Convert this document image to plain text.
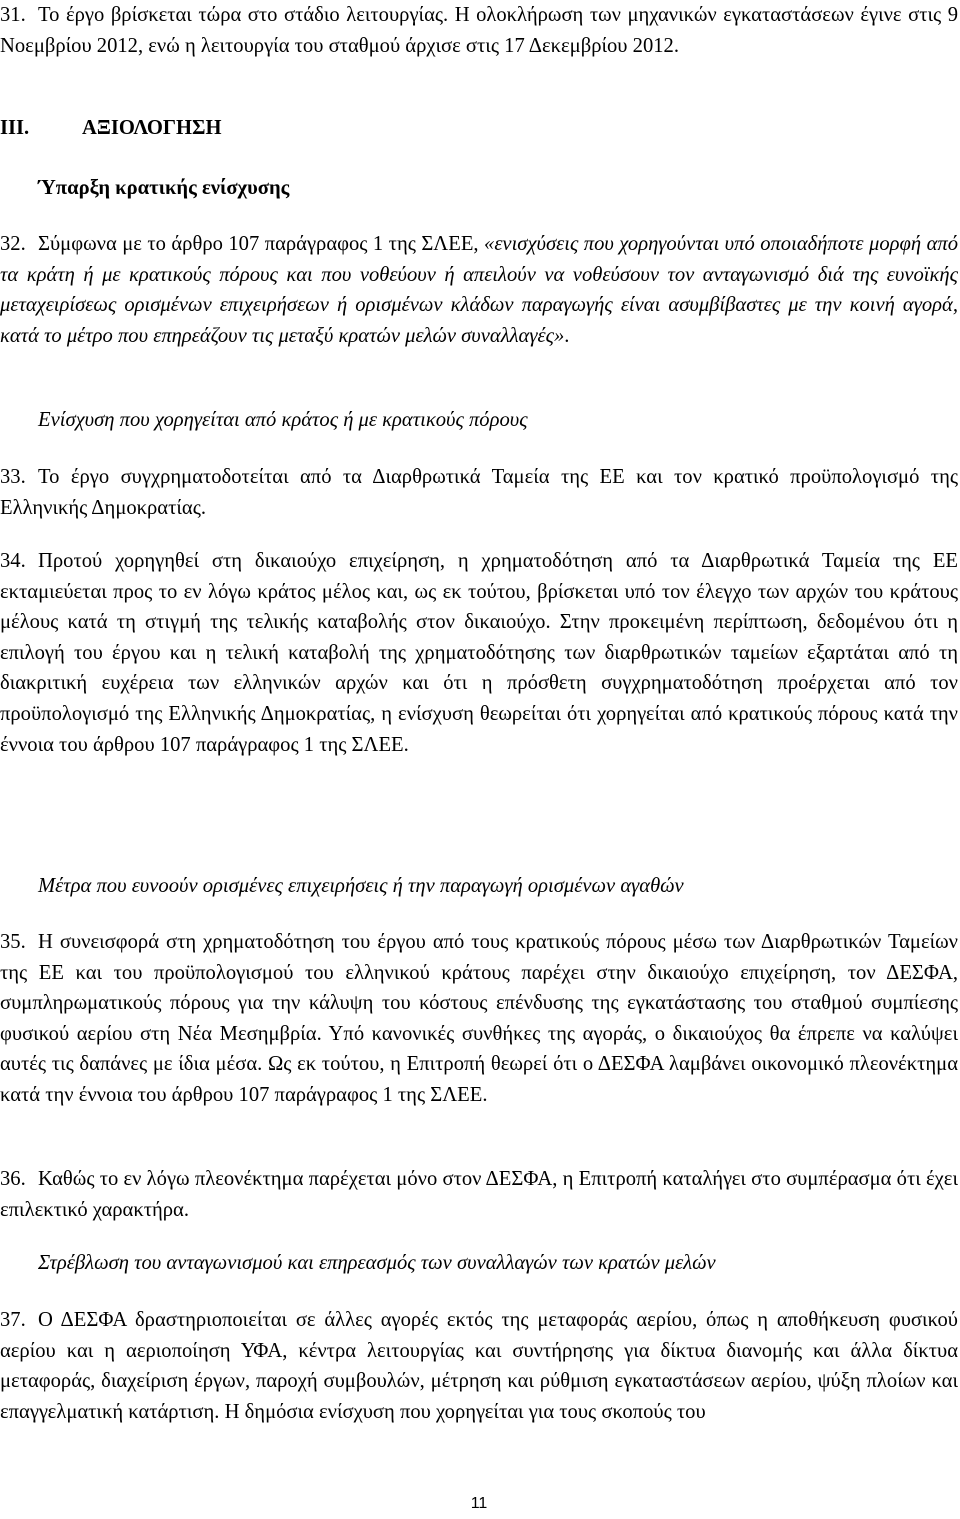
31. Το έργο βρίσκεται τώρα στο στάδιο λειτουργίας. Η ολοκλήρωση των μηχανικών εγκαταστάσεων έγινε στις 9 Νοεμβρίου 2012, ενώ η λειτουργία του σταθμού άρχισε στις 17 Δεκεμβρίου 2012.
III.	ΑΞΙΟΛΟΓΗΣΗ
Ύπαρξη κρατικής ενίσχυσης
32. Σύμφωνα με το άρθρο 107 παράγραφος 1 της ΣΛΕΕ, «ενισχύσεις που χορηγούνται υπό οποιαδήποτε μορφή από τα κράτη ή με κρατικούς πόρους και που νοθεύουν ή απειλούν να νοθεύσουν τον ανταγωνισμό διά της ευνοϊκής μεταχειρίσεως ορισμένων επιχειρήσεων ή ορισμένων κλάδων παραγωγής είναι ασυμβίβαστες με την κοινή αγορά, κατά το μέτρο που επηρεάζουν τις μεταξύ κρατών μελών συναλλαγές».
Ενίσχυση που χορηγείται από κράτος ή με κρατικούς πόρους
33. Το έργο συγχρηματοδοτείται από τα Διαρθρωτικά Ταμεία της ΕΕ και τον κρατικό προϋπολογισμό της Ελληνικής Δημοκρατίας.
34. Προτού χορηγηθεί στη δικαιούχο επιχείρηση, η χρηματοδότηση από τα Διαρθρωτικά Ταμεία της ΕΕ εκταμιεύεται προς το εν λόγω κράτος μέλος και, ως εκ τούτου, βρίσκεται υπό τον έλεγχο των αρχών του κράτους μέλους κατά τη στιγμή της τελικής καταβολής στον δικαιούχο. Στην προκειμένη περίπτωση, δεδομένου ότι η επιλογή του έργου και η τελική καταβολή της χρηματοδότησης των διαρθρωτικών ταμείων εξαρτάται από τη διακριτική ευχέρεια των ελληνικών αρχών και ότι η πρόσθετη συγχρηματοδότηση προέρχεται από τον προϋπολογισμό της Ελληνικής Δημοκρατίας, η ενίσχυση θεωρείται ότι χορηγείται από κρατικούς πόρους κατά την έννοια του άρθρου 107 παράγραφος 1 της ΣΛΕΕ.
Μέτρα που ευνοούν ορισμένες επιχειρήσεις ή την παραγωγή ορισμένων αγαθών
35. Η συνεισφορά στη χρηματοδότηση του έργου από τους κρατικούς πόρους μέσω των Διαρθρωτικών Ταμείων της ΕΕ και του προϋπολογισμού του ελληνικού κράτους παρέχει στην δικαιούχο επιχείρηση, τον ΔΕΣΦΑ, συμπληρωματικούς πόρους για την κάλυψη του κόστους επένδυσης της εγκατάστασης του σταθμού συμπίεσης φυσικού αερίου στη Νέα Μεσημβρία. Υπό κανονικές συνθήκες της αγοράς, ο δικαιούχος θα έπρεπε να καλύψει αυτές τις δαπάνες με ίδια μέσα. Ως εκ τούτου, η Επιτροπή θεωρεί ότι ο ΔΕΣΦΑ λαμβάνει οικονομικό πλεονέκτημα κατά την έννοια του άρθρου 107 παράγραφος 1 της ΣΛΕΕ.
36. Καθώς το εν λόγω πλεονέκτημα παρέχεται μόνο στον ΔΕΣΦΑ, η Επιτροπή καταλήγει στο συμπέρασμα ότι έχει επιλεκτικό χαρακτήρα.
Στρέβλωση του ανταγωνισμού και επηρεασμός των συναλλαγών των κρατών μελών
37. Ο ΔΕΣΦΑ δραστηριοποιείται σε άλλες αγορές εκτός της μεταφοράς αερίου, όπως η αποθήκευση φυσικού αερίου και η αεριοποίηση ΥΦΑ, κέντρα λειτουργίας και συντήρησης για δίκτυα διανομής και άλλα δίκτυα μεταφοράς, διαχείριση έργων, παροχή συμβουλών, μέτρηση και ρύθμιση εγκαταστάσεων αερίου, ψύξη πλοίων και επαγγελματική κατάρτιση. Η δημόσια ενίσχυση που χορηγείται για τους σκοπούς του
11
